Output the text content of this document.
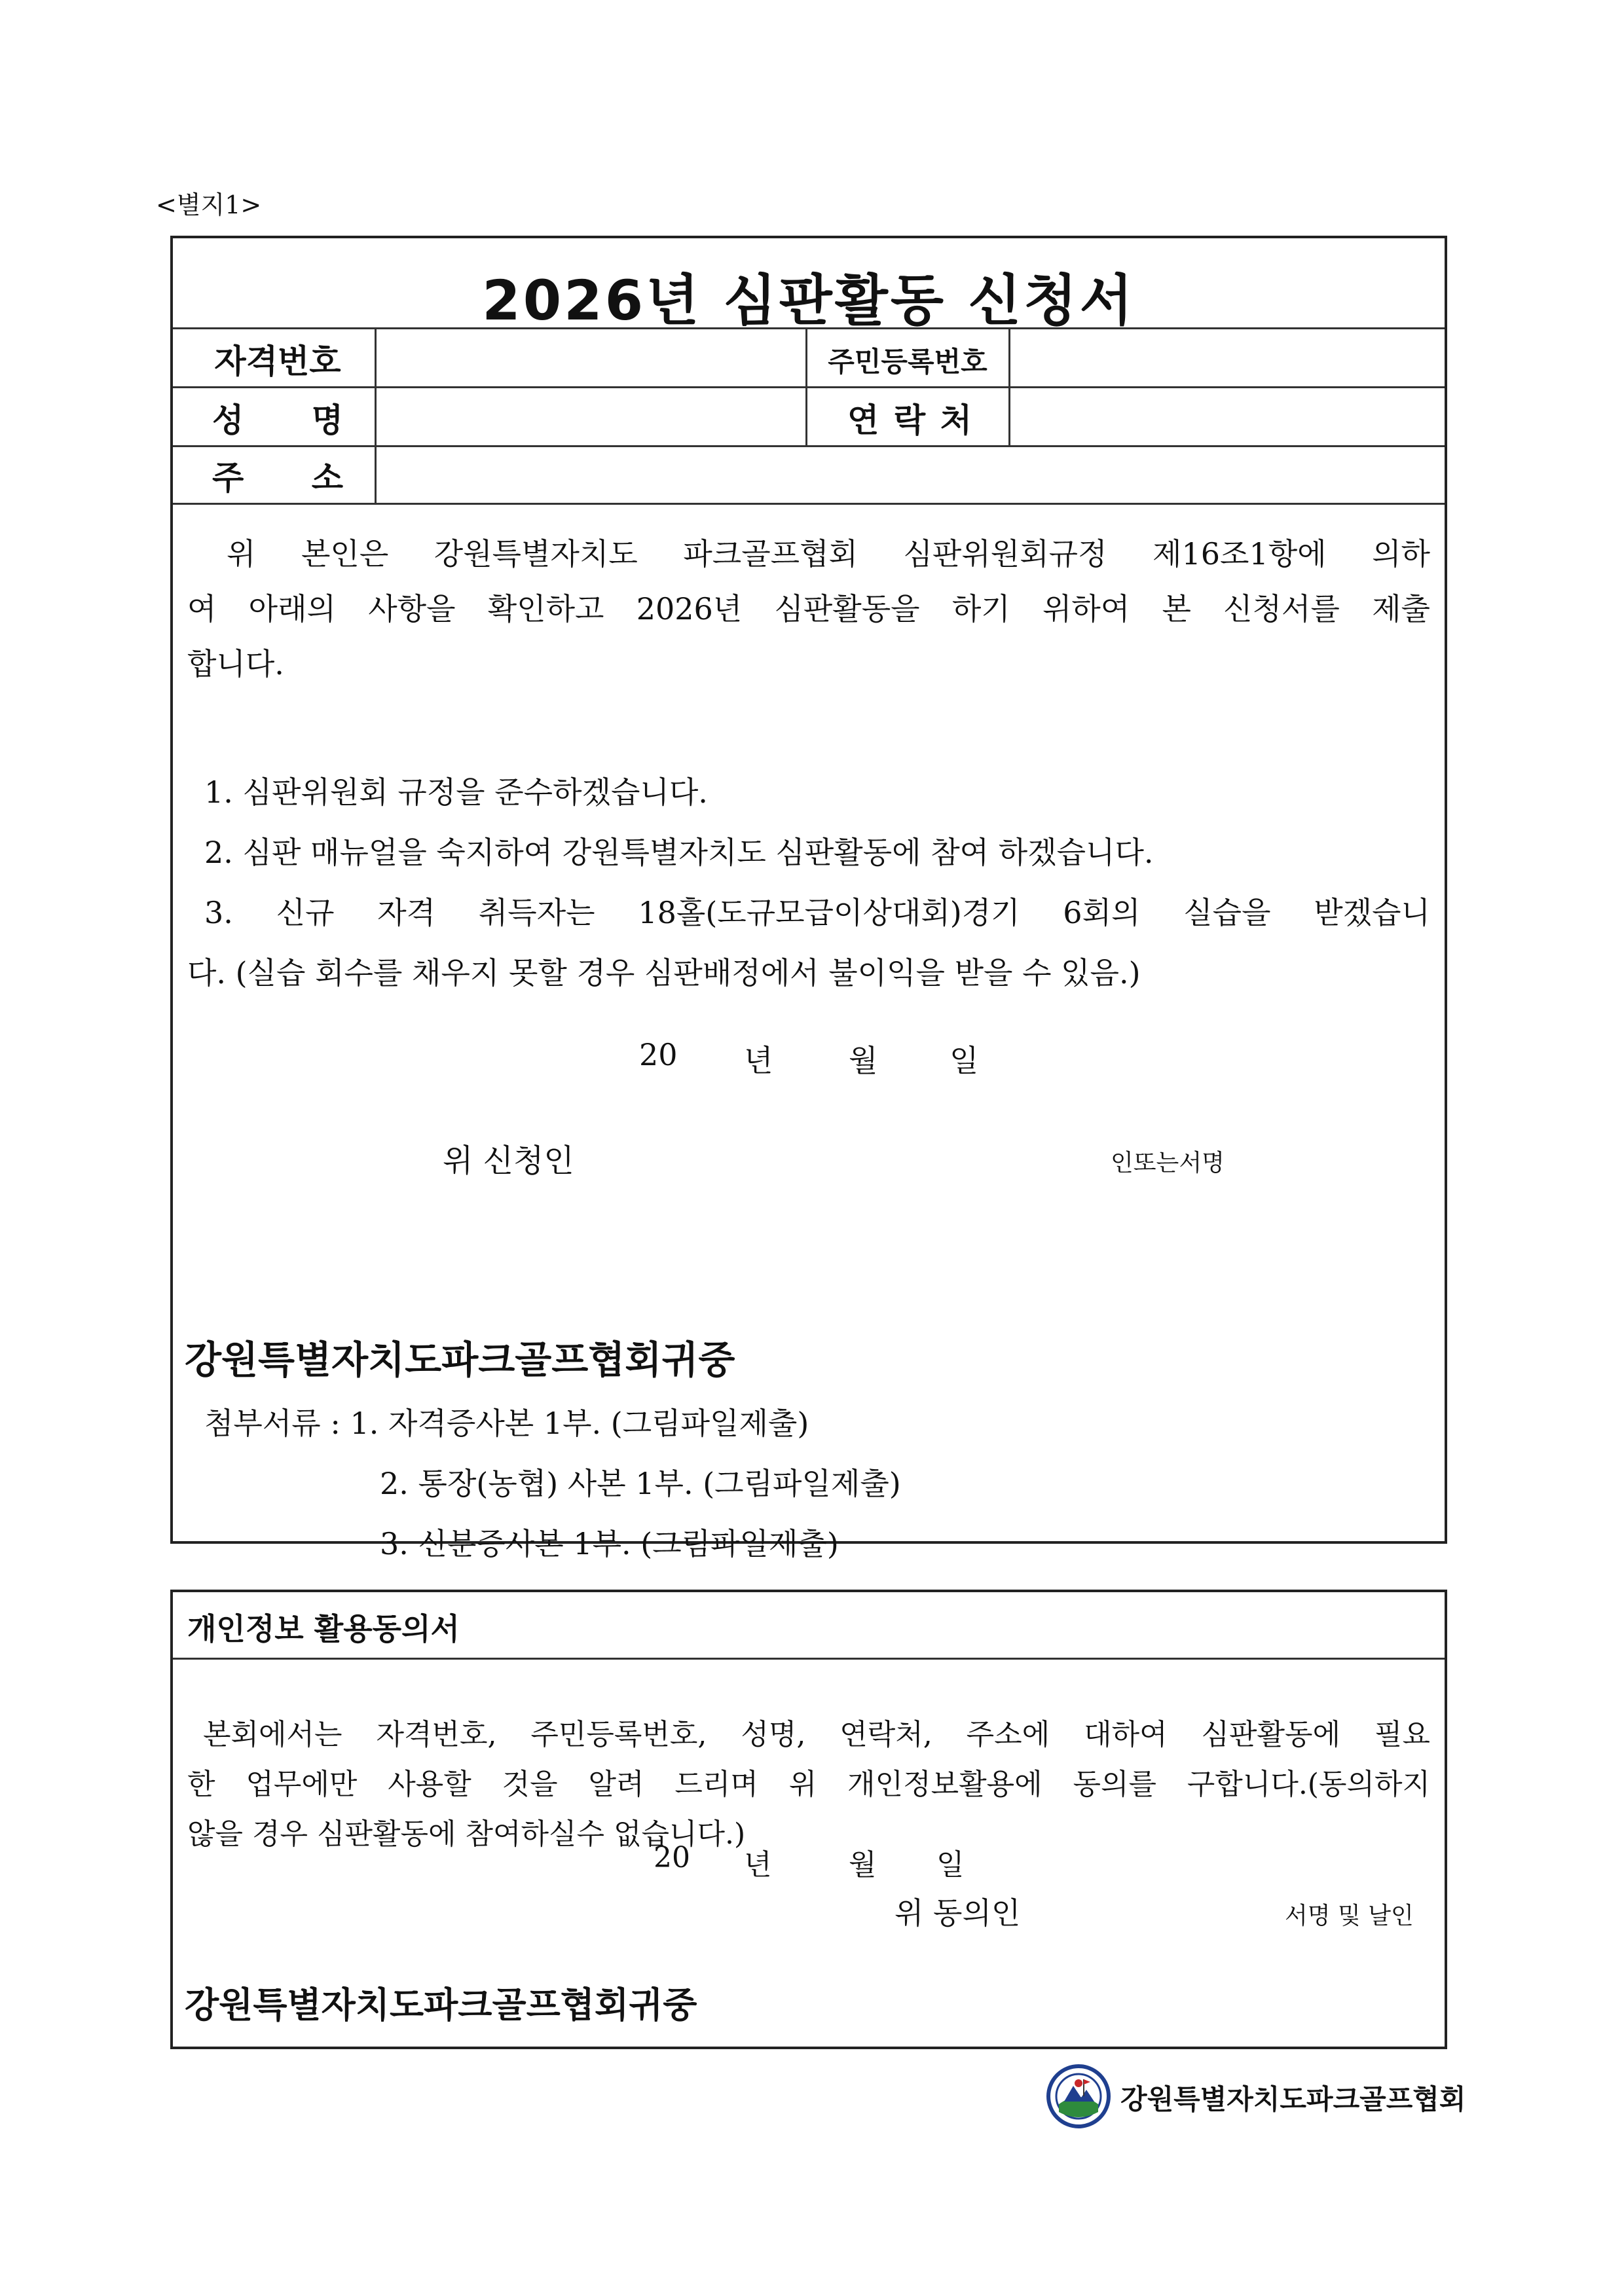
<별지1>
2026년 심판활동 신청서
자격번호	주민등록번호
성 명	연 락 처
주 소
위 본인은 강원특별자치도 파크골프협회 심판위원회규정 제16조1항에 의하
여 아래의 사항을 확인하고 2026년 심판활동을 하기 위하여 본 신청서를 제출
합니다.
1. 심판위원회 규정을 준수하겠습니다.
2. 심판 매뉴얼을 숙지하여 강원특별자치도 심판활동에 참여 하겠습니다.
3. 신규 자격 취득자는 18홀(도규모급이상대회)경기 6회의 실습을 받겠습니
다. (실습 회수를 채우지 못할 경우 심판배정에서 불이익을 받을 수 있음.)
20 년	월 일
위 신청인	인또는서명
강원특별자치도파크골프협회귀중
첨부서류 : 1. 자격증사본 1부. (그림파일제출)
2. 통장(농협) 사본 1부. (그림파일제출)
3. 신분증사본 1부. (그림파일제출)
개인정보 활용동의서
본회에서는 자격번호, 주민등록번호, 성명, 연락처, 주소에 대하여 심판활동에 필요
한 업무에만 사용할 것을 알려 드리며 위 개인정보활용에 동의를 구합니다.(동의하지
않을 경우 심판활동에 참여하실수 없습니다.)
20 년	월 일
위 동의인	서명 및 날인
강원특별자치도파크골프협회귀중
강원특별자치도파크골프협회
